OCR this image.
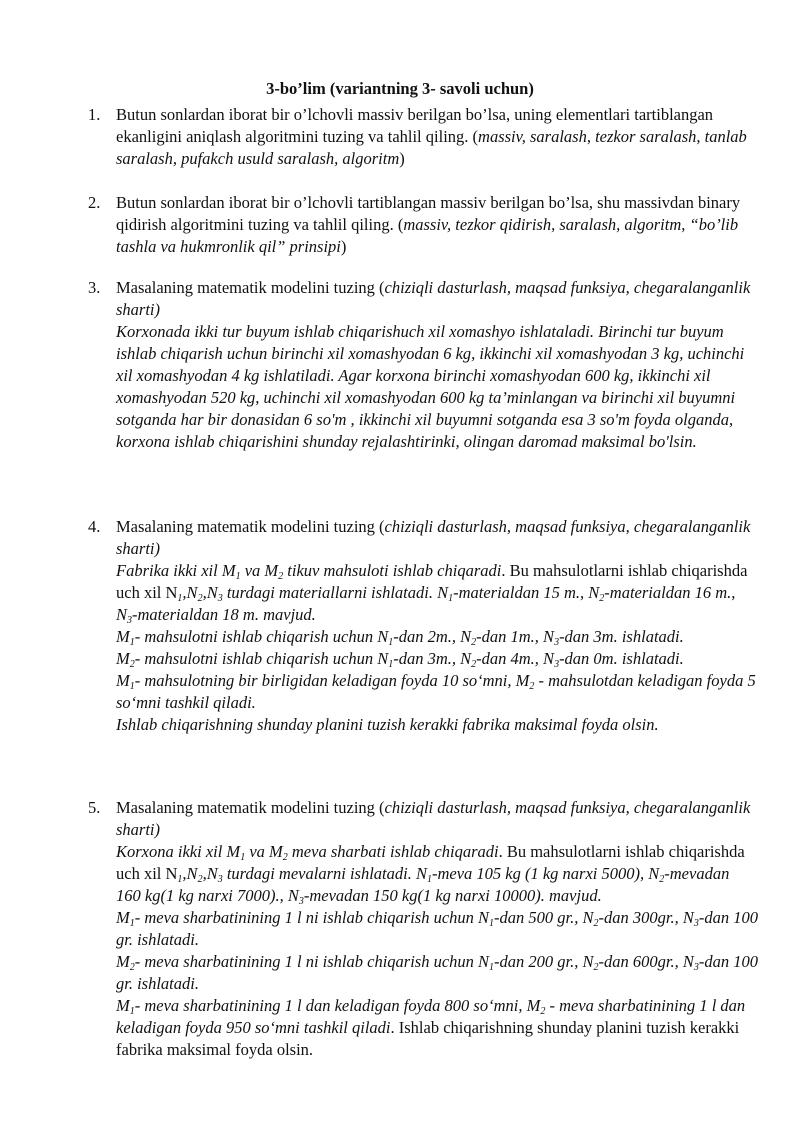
3-bo’lim (variantning 3- savoli uchun)
1. Butun sonlardan iborat bir o’lchovli massiv berilgan bo’lsa, uning elementlari tartiblangan ekanligini aniqlash algoritmini tuzing va tahlil qiling. (massiv, saralash, tezkor saralash, tanlab saralash, pufakch usuld saralash, algoritm)
2. Butun sonlardan iborat bir o’lchovli tartiblangan massiv berilgan bo’lsa, shu massivdan binary qidirish algoritmini tuzing va tahlil qiling. (massiv, tezkor qidirish, saralash, algoritm, “bo’lib tashla va hukmronlik qil” prinsipi)
3. Masalaning matematik modelini tuzing (chiziqli dasturlash, maqsad funksiya, chegaralanganlik sharti)

Korxonada ikki tur buyum ishlab chiqarishuch xil xomashyo ishlataladi. Birinchi tur buyum ishlab chiqarish uchun birinchi xil xomashyodan 6 kg, ikkinchi xil xomashyodan 3 kg, uchinchi xil xomashyodan 4 kg ishlatiladi. Agar korxona birinchi xomashyodan 600 kg, ikkinchi xil xomashyodan 520 kg, uchinchi xil xomashyodan 600 kg ta’minlangan va birinchi xil buyumni sotganda har bir donasidan 6 so'm , ikkinchi xil buyumni sotganda esa 3 so'm foyda olganda, korxona ishlab chiqarishini shunday rejalashtirinki, olingan daromad maksimal bo'lsin.

4. Masalaning matematik modelini tuzing (chiziqli dasturlash, maqsad funksiya, chegaralanganlik sharti)

Fabrika ikki xil $M_1$ va $M_2$ tikuv mahsuloti ishlab chiqaradi. Bu mahsulotlarni ishlab chiqarishda uch xil $N_1,N_2,N_3$ turdagi materiallarni ishlatadi. $N_1$-materialdan 15 m., $N_2$-materialdan 16 m., $N_3$-materialdan 18 m. mavjud.

$M_1-$ mahsulotni ishlab chiqarish uchun $N_1$-dan 2m., $N_2$-dan 1m., $N_3$-dan 3m. ishlatadi.

$M_2-$ mahsulotni ishlab chiqarish uchun $N_1$-dan 3m., $N_2$-dan 4m., $N_3$-dan 0m. ishlatadi.

$M_1-$ mahsulotning bir birligidan keladigan foyda 10 so‘mni, $M_2$ - mahsulotdan keladigan foyda 5 so‘mni tashkil qiladi.

Ishlab chiqarishning shunday planini tuzish kerakki fabrika maksimal foyda olsin.

5. Masalaning matematik modelini tuzing (chiziqli dasturlash, maqsad funksiya, chegaralanganlik sharti)

Korxona ikki xil $M_1$ va $M_2$ meva sharbati ishlab chiqaradi. Bu mahsulotlarni ishlab chiqarishda uch xil $N_1,N_2,N_3$ turdagi mevalarni ishlatadi. $N_1$-meva 105 kg (1 kg narxi 5000), $N_2$-mevadan 160 kg(1 kg narxi 7000)., $N_3$-mevadan 150 kg(1 kg narxi 10000). mavjud.

$M_1-$ meva sharbatinining 1 l ni ishlab chiqarish uchun $N_1$-dan 500 gr., $N_2$-dan 300gr., $N_3$-dan 100 gr. ishlatadi.

$M_2-$ meva sharbatinining 1 l ni ishlab chiqarish uchun $N_1$-dan 200 gr., $N_2$-dan 600gr., $N_3$-dan 100 gr. ishlatadi.

$M_1-$ meva sharbatinining 1 l dan keladigan foyda 800 so‘mni, $M_2$ - meva sharbatinining 1 l dan keladigan foyda 950 so‘mni tashkil qiladi. Ishlab chiqarishning shunday planini tuzish kerakki fabrika maksimal foyda olsin.
